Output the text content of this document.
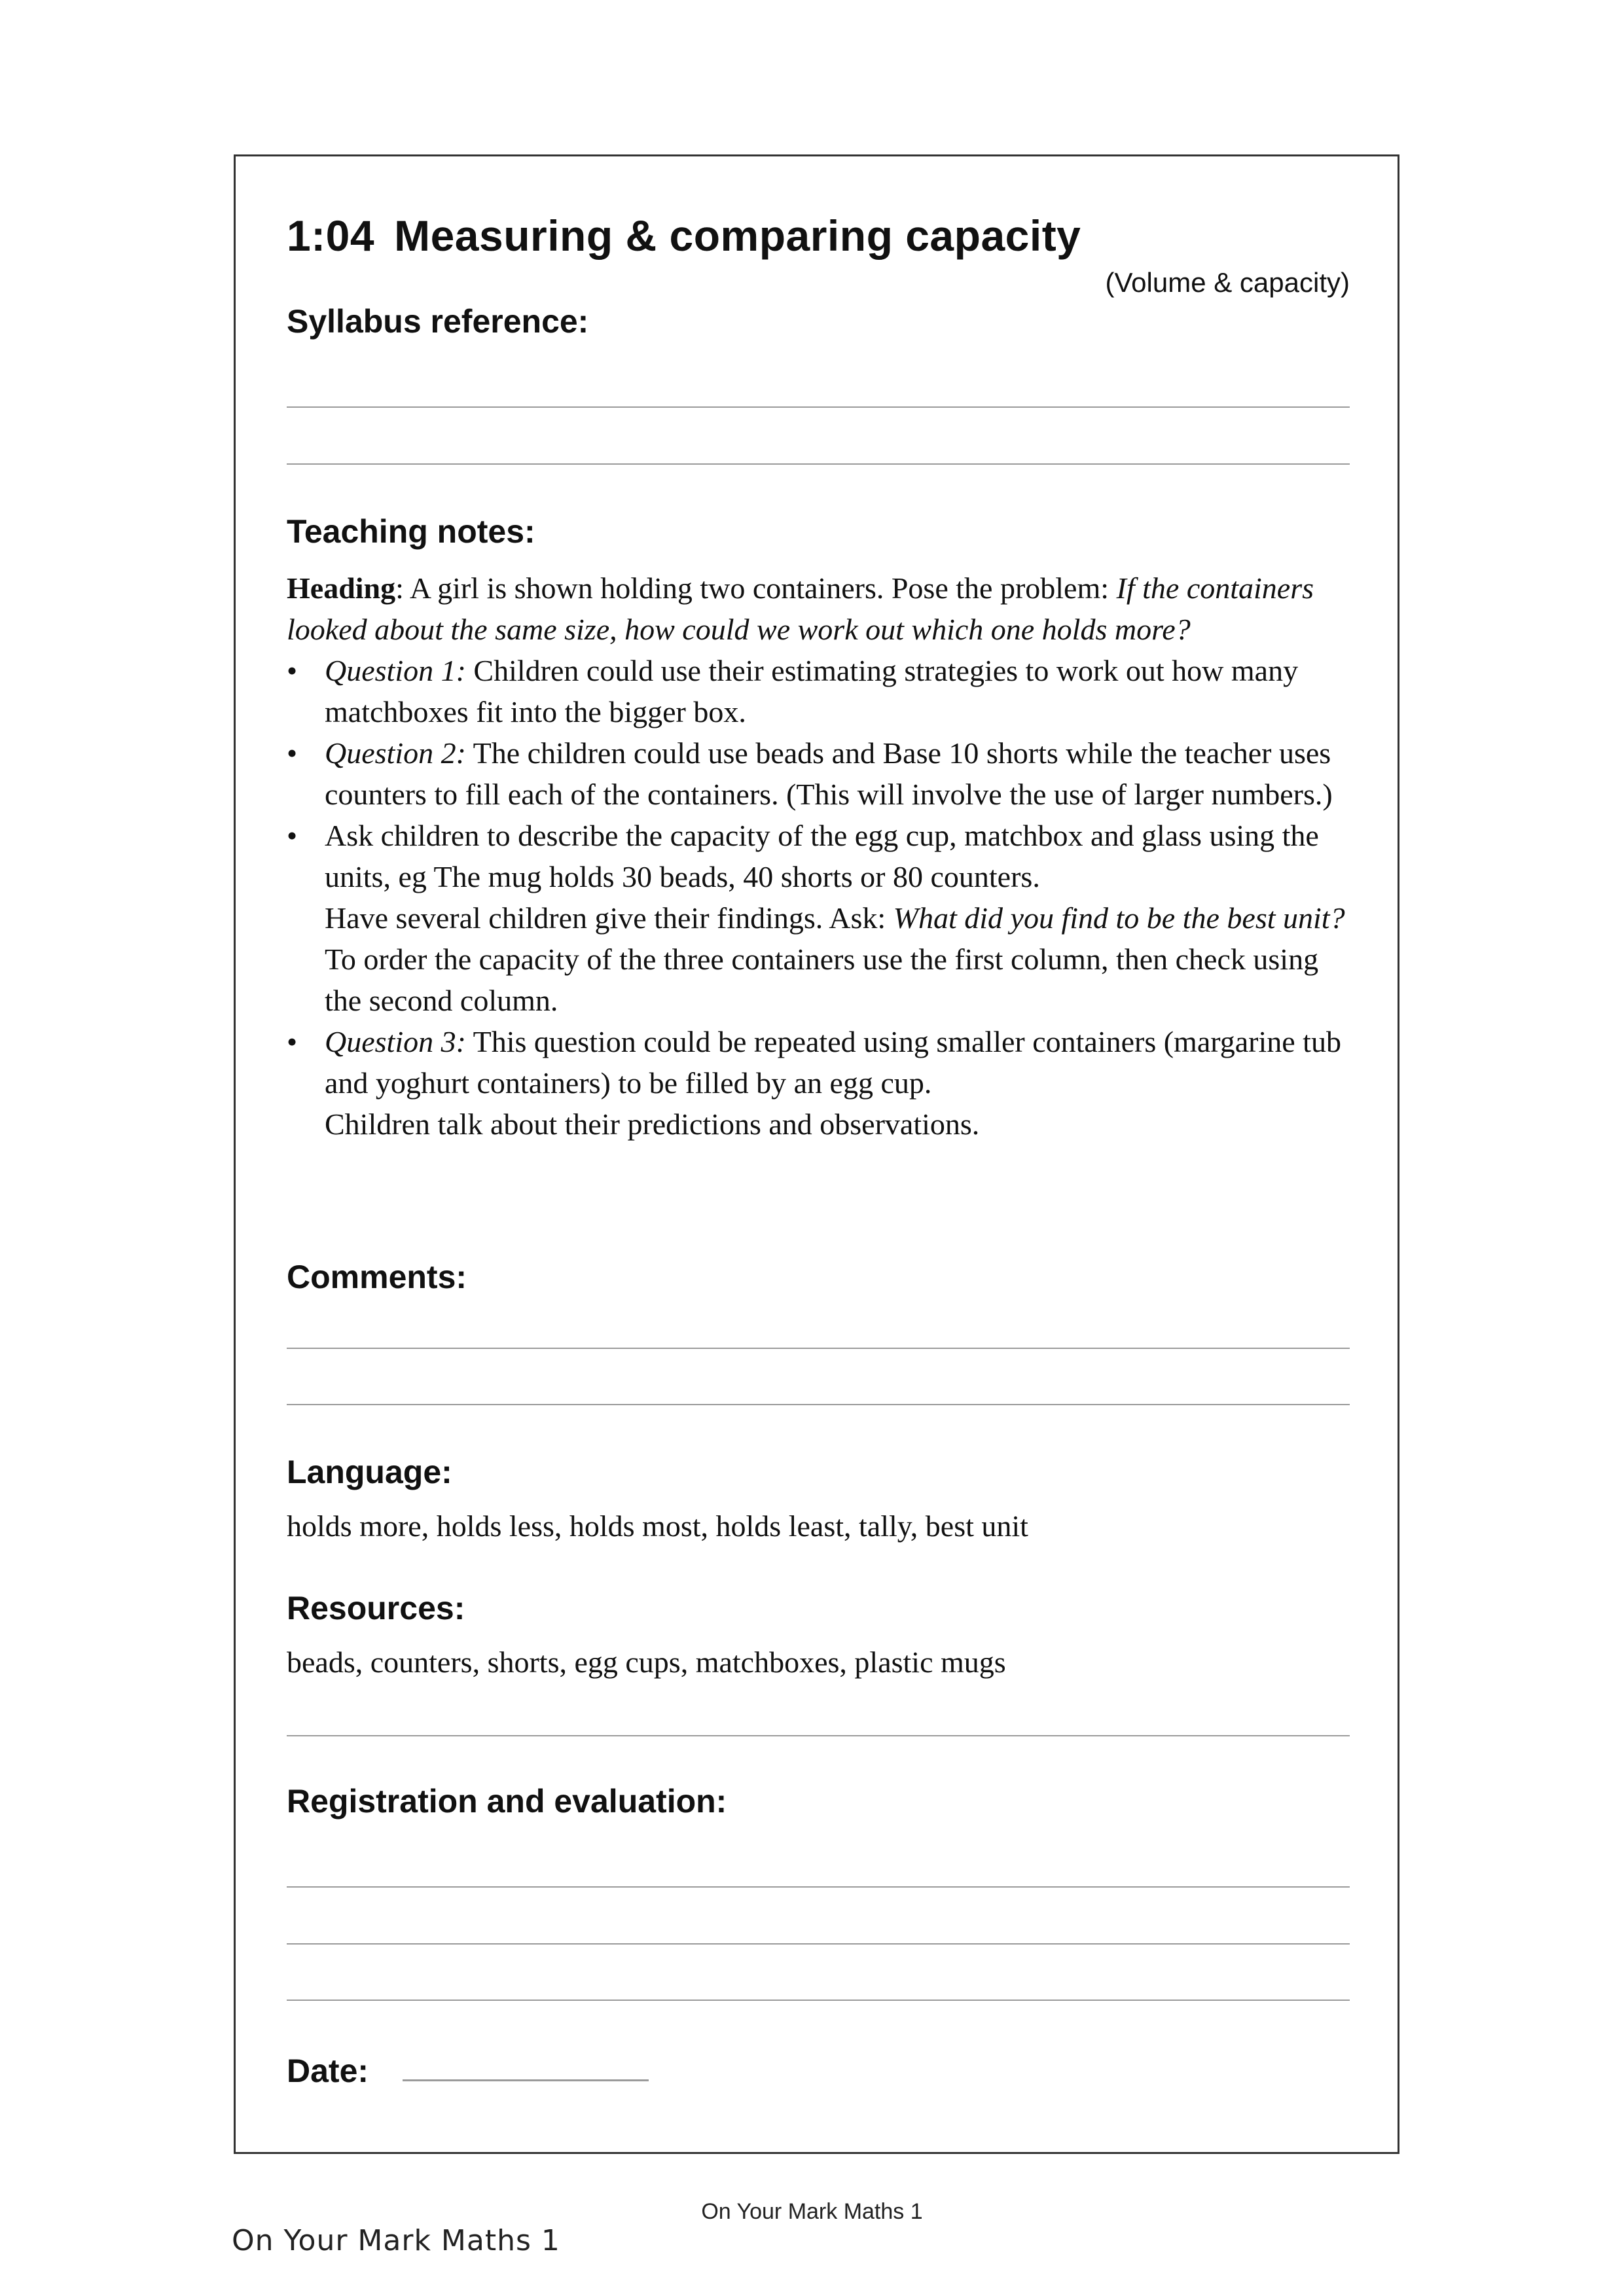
1:04 Measuring & comparing capacity
(Volume & capacity)
Syllabus reference:
Teaching notes:

Heading: A girl is shown holding two containers. Pose the problem: If the containers looked about the same size, how could we work out which one holds more?

• Question 1: Children could use their estimating strategies to work out how many matchboxes fit into the bigger box.
• Question 2: The children could use beads and Base 10 shorts while the teacher uses counters to fill each of the containers. (This will involve the use of larger numbers.)
• Ask children to describe the capacity of the egg cup, matchbox and glass using the units, eg The mug holds 30 beads, 40 shorts or 80 counters.
Have several children give their findings. Ask: What did you find to be the best unit? To order the capacity of the three containers use the first column, then check using the second column.
• Question 3: This question could be repeated using smaller containers (margarine tub and yoghurt containers) to be filled by an egg cup.
Children talk about their predictions and observations.
Comments:
Language:
holds more, holds less, holds most, holds least, tally, best unit
Resources:
beads, counters, shorts, egg cups, matchboxes, plastic mugs
Registration and evaluation:
Date:
On Your Mark Maths 1
On Your Mark Maths 1
